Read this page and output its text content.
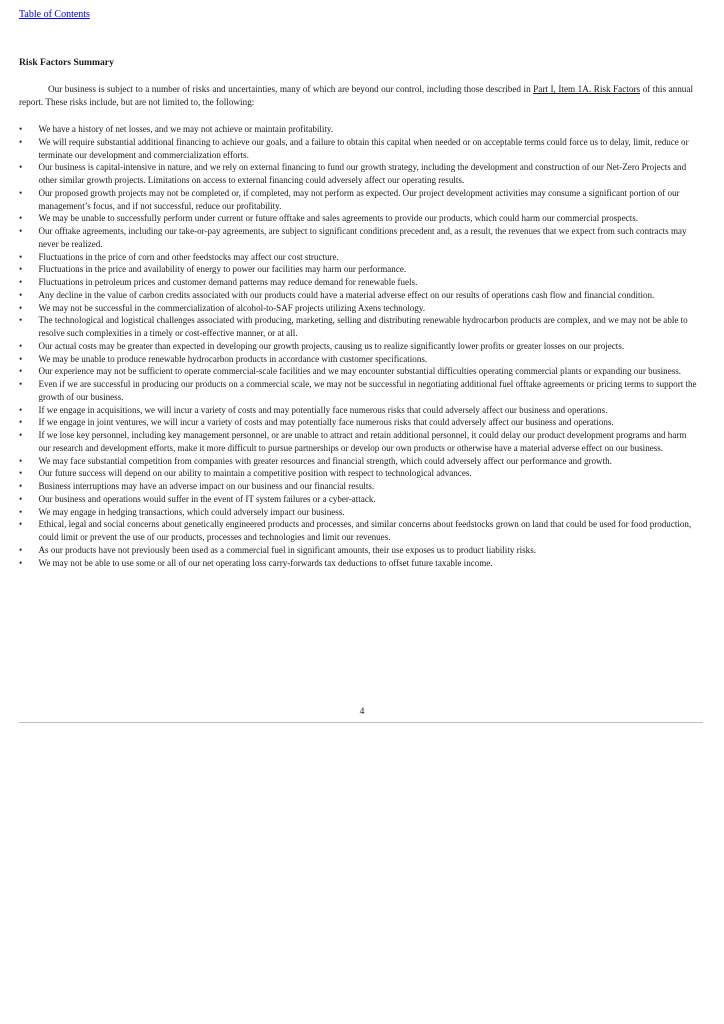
Table of Contents
Risk Factors Summary

Our business is subject to a number of risks and uncertainties, many of which are beyond our control, including those described in Part I, Item 1A. Risk Factors of this annual report. These risks include, but are not limited to, the following:

• We have a history of net losses, and we may not achieve or maintain profitability.
• We will require substantial additional financing to achieve our goals, and a failure to obtain this capital when needed or on acceptable terms could force us to delay, limit, reduce or terminate our development and commercialization efforts.
• Our business is capital-intensive in nature, and we rely on external financing to fund our growth strategy, including the development and construction of our Net-Zero Projects and other similar growth projects. Limitations on access to external financing could adversely affect our operating results.
• Our proposed growth projects may not be completed or, if completed, may not perform as expected. Our project development activities may consume a significant portion of our management’s focus, and if not successful, reduce our profitability.
• We may be unable to successfully perform under current or future offtake and sales agreements to provide our products, which could harm our commercial prospects.
• Our offtake agreements, including our take-or-pay agreements, are subject to significant conditions precedent and, as a result, the revenues that we expect from such contracts may never be realized.
• Fluctuations in the price of corn and other feedstocks may affect our cost structure.
• Fluctuations in the price and availability of energy to power our facilities may harm our performance.
• Fluctuations in petroleum prices and customer demand patterns may reduce demand for renewable fuels.
• Any decline in the value of carbon credits associated with our products could have a material adverse effect on our results of operations cash flow and financial condition.
• We may not be successful in the commercialization of alcohol-to-SAF projects utilizing Axens technology.
• The technological and logistical challenges associated with producing, marketing, selling and distributing renewable hydrocarbon products are complex, and we may not be able to resolve such complexities in a timely or cost-effective manner, or at all.
• Our actual costs may be greater than expected in developing our growth projects, causing us to realize significantly lower profits or greater losses on our projects.
• We may be unable to produce renewable hydrocarbon products in accordance with customer specifications.
• Our experience may not be sufficient to operate commercial-scale facilities and we may encounter substantial difficulties operating commercial plants or expanding our business.
• Even if we are successful in producing our products on a commercial scale, we may not be successful in negotiating additional fuel offtake agreements or pricing terms to support the growth of our business.
• If we engage in acquisitions, we will incur a variety of costs and may potentially face numerous risks that could adversely affect our business and operations.
• If we engage in joint ventures, we will incur a variety of costs and may potentially face numerous risks that could adversely affect our business and operations.
• If we lose key personnel, including key management personnel, or are unable to attract and retain additional personnel, it could delay our product development programs and harm our research and development efforts, make it more difficult to pursue partnerships or develop our own products or otherwise have a material adverse effect on our business.
• We may face substantial competition from companies with greater resources and financial strength, which could adversely affect our performance and growth.
• Our future success will depend on our ability to maintain a competitive position with respect to technological advances.
• Business interruptions may have an adverse impact on our business and our financial results.
• Our business and operations would suffer in the event of IT system failures or a cyber-attack.
• We may engage in hedging transactions, which could adversely impact our business.
• Ethical, legal and social concerns about genetically engineered products and processes, and similar concerns about feedstocks grown on land that could be used for food production, could limit or prevent the use of our products, processes and technologies and limit our revenues.
• As our products have not previously been used as a commercial fuel in significant amounts, their use exposes us to product liability risks.
• We may not be able to use some or all of our net operating loss carry-forwards tax deductions to offset future taxable income.
4
